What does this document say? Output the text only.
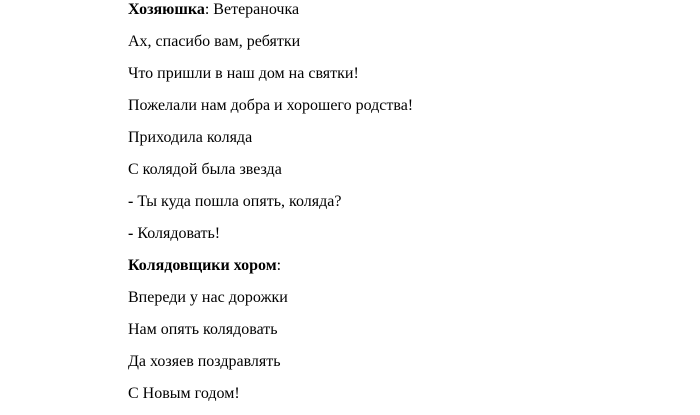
Хозяюшка: Ветераночка
Ах, спасибо вам, ребятки
Что пришли в наш дом на святки!
Пожелали нам добра и хорошего родства!
Приходила коляда
С колядой была звезда
- Ты куда пошла опять, коляда?
- Колядовать!
Колядовщики хором:
Впереди у нас дорожки
Нам опять колядовать
Да хозяев поздравлять
С Новым годом!
